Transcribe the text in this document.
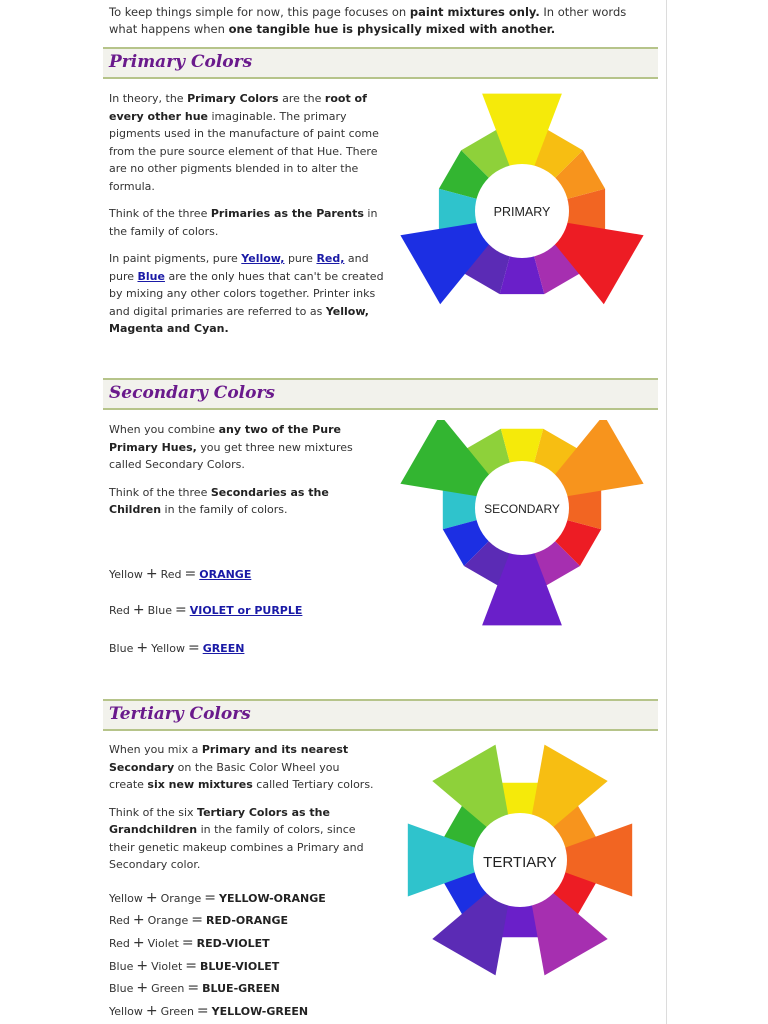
To keep things simple for now, this page focuses on paint mixtures only. In other words what happens when one tangible hue is physically mixed with another.
Primary Colors

In theory, the Primary Colors are the root of every other hue imaginable. The primary pigments used in the manufacture of paint come from the pure source element of that Hue. There are no other pigments blended in to alter the formula.

Think of the three Primaries as the Parents in the family of colors.

In paint pigments, pure Yellow, pure Red, and pure Blue are the only hues that can't be created by mixing any other colors together. Printer inks and digital primaries are referred to as Yellow, Magenta and Cyan.

PRIMARY
Secondary Colors

When you combine any two of the Pure Primary Hues, you get three new mixtures called Secondary Colors.

Think of the three Secondaries as the Children in the family of colors.

Yellow + Red = ORANGE
Red + Blue = VIOLET or PURPLE
Blue + Yellow = GREEN
SECONDARY
Tertiary Colors

When you mix a Primary and its nearest Secondary on the Basic Color Wheel you create six new mixtures called Tertiary colors.

Think of the six Tertiary Colors as the Grandchildren in the family of colors, since their genetic makeup combines a Primary and Secondary color.

Yellow + Orange = YELLOW-ORANGE
Red + Orange = RED-ORANGE
Red + Violet = RED-VIOLET
Blue + Violet = BLUE-VIOLET
Blue + Green = BLUE-GREEN
Yellow + Green = YELLOW-GREEN
TERTIARY
